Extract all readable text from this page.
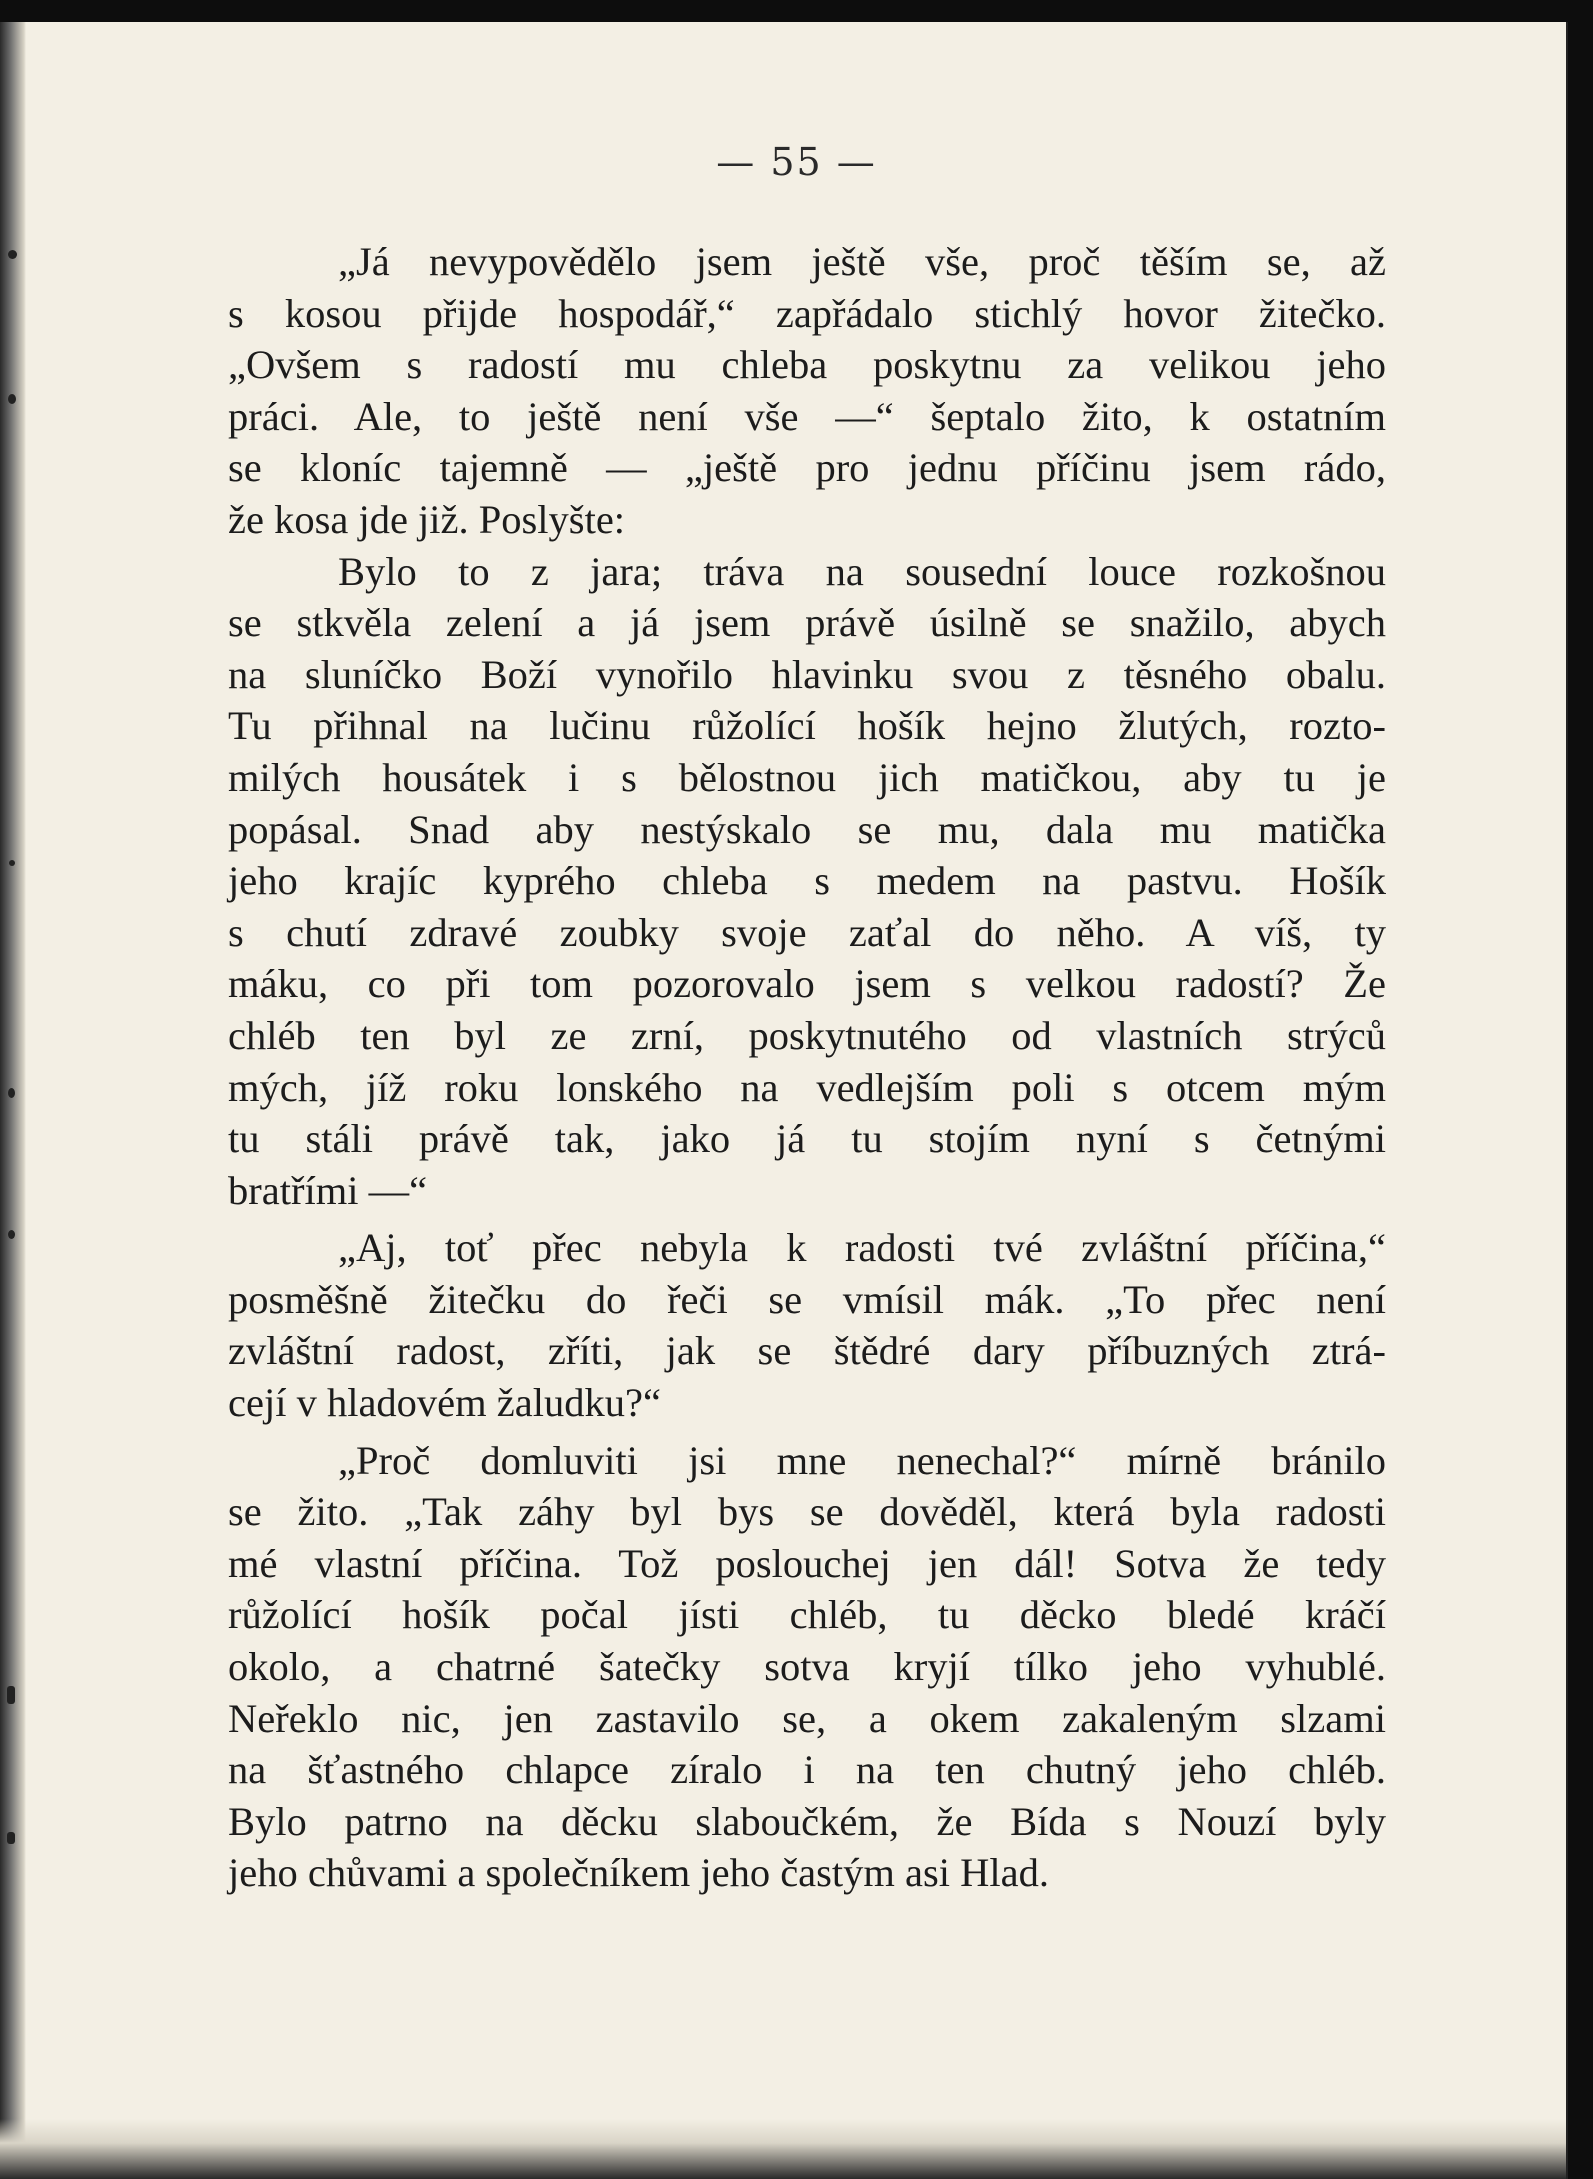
— 55 —
„Já nevypovědělo jsem ještě vše, proč těším se, až
s kosou přijde hospodář,“ zapřádalo stichlý hovor žitečko.
„Ovšem s radostí mu chleba poskytnu za velikou jeho
práci. Ale, to ještě není vše —“ šeptalo žito, k ostatním
se kloníc tajemně — „ještě pro jednu příčinu jsem rádo,
že kosa jde již. Poslyšte:
Bylo to z jara; tráva na sousední louce rozkošnou
se stkvěla zelení a já jsem právě úsilně se snažilo, abych
na sluníčko Boží vynořilo hlavinku svou z těsného obalu.
Tu přihnal na lučinu růžolící hošík hejno žlutých, rozto-
milých housátek i s bělostnou jich matičkou, aby tu je
popásal. Snad aby nestýskalo se mu, dala mu matička
jeho krajíc kyprého chleba s medem na pastvu. Hošík
s chutí zdravé zoubky svoje zaťal do něho. A víš, ty
máku, co při tom pozorovalo jsem s velkou radostí? Že
chléb ten byl ze zrní, poskytnutého od vlastních strýců
mých, jíž roku lonského na vedlejším poli s otcem mým
tu stáli právě tak, jako já tu stojím nyní s četnými
bratřími —“
„Aj, toť přec nebyla k radosti tvé zvláštní příčina,“
posměšně žitečku do řeči se vmísil mák. „To přec není
zvláštní radost, zříti, jak se štědré dary příbuzných ztrá-
cejí v hladovém žaludku?“
„Proč domluviti jsi mne nenechal?“ mírně bránilo
se žito. „Tak záhy byl bys se dověděl, která byla radosti
mé vlastní příčina. Tož poslouchej jen dál! Sotva že tedy
růžolící hošík počal jísti chléb, tu děcko bledé kráčí
okolo, a chatrné šatečky sotva kryjí tílko jeho vyhublé.
Neřeklo nic, jen zastavilo se, a okem zakaleným slzami
na šťastného chlapce zíralo i na ten chutný jeho chléb.
Bylo patrno na děcku slaboučkém, že Bída s Nouzí byly
jeho chůvami a společníkem jeho častým asi Hlad.
